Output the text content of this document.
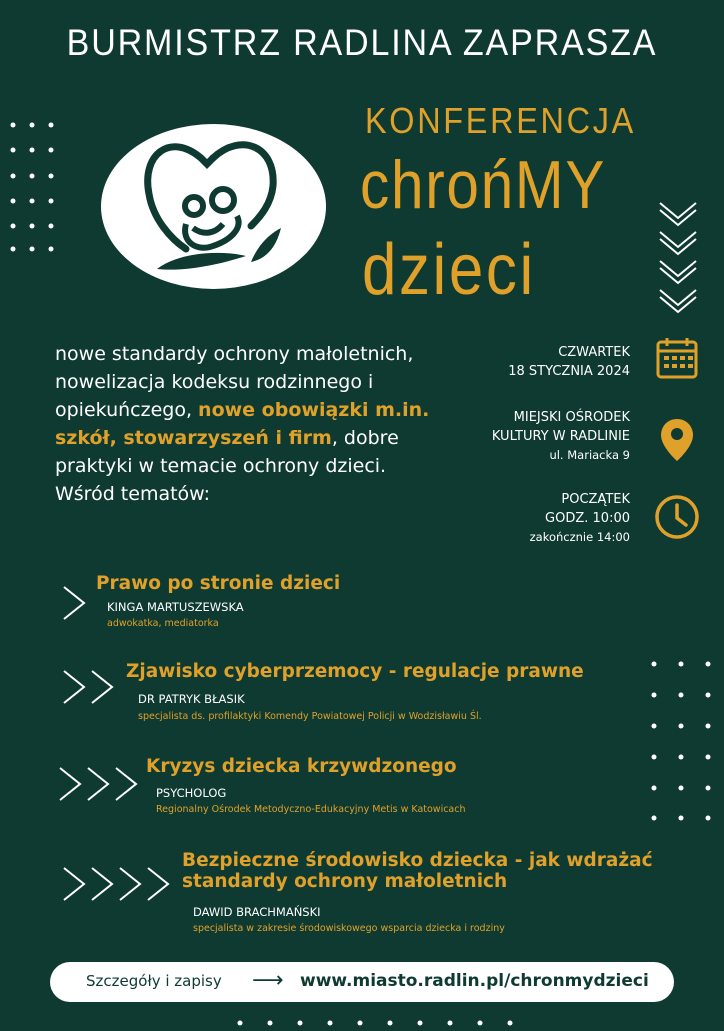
BURMISTRZ RADLINA ZAPRASZA
KONFERENCJA
chrońMY
dzieci
nowe standardy ochrony małoletnich, nowelizacja kodeksu rodzinnego i opiekuńczego, nowe obowiązki m.in. szkół, stowarzyszeń i firm, dobre praktyki w temacie ochrony dzieci.
Wśród tematów:
CZWARTEK
18 STYCZNIA 2024
MIEJSKI OŚRODEK
KULTURY W RADLINIE
ul. Mariacka 9
POCZĄTEK
GODZ. 10:00
zakończnie 14:00
Prawo po stronie dzieci
KINGA MARTUSZEWSKA
adwokatka, mediatorka
Zjawisko cyberprzemocy - regulacje prawne
DR PATRYK BŁASIK
specjalista ds. profilaktyki Komendy Powiatowej Policji w Wodzisławiu Śl.
Kryzys dziecka krzywdzonego
PSYCHOLOG
Regionalny Ośrodek Metodyczno-Edukacyjny Metis w Katowicach
Bezpieczne środowisko dziecka - jak wdrażać
standardy ochrony małoletnich
DAWID BRACHMAŃSKI
specjalista w zakresie środowiskowego wsparcia dziecka i rodziny
Szczegóły i zapisy ⟶ www.miasto.radlin.pl/chronmydzieci
